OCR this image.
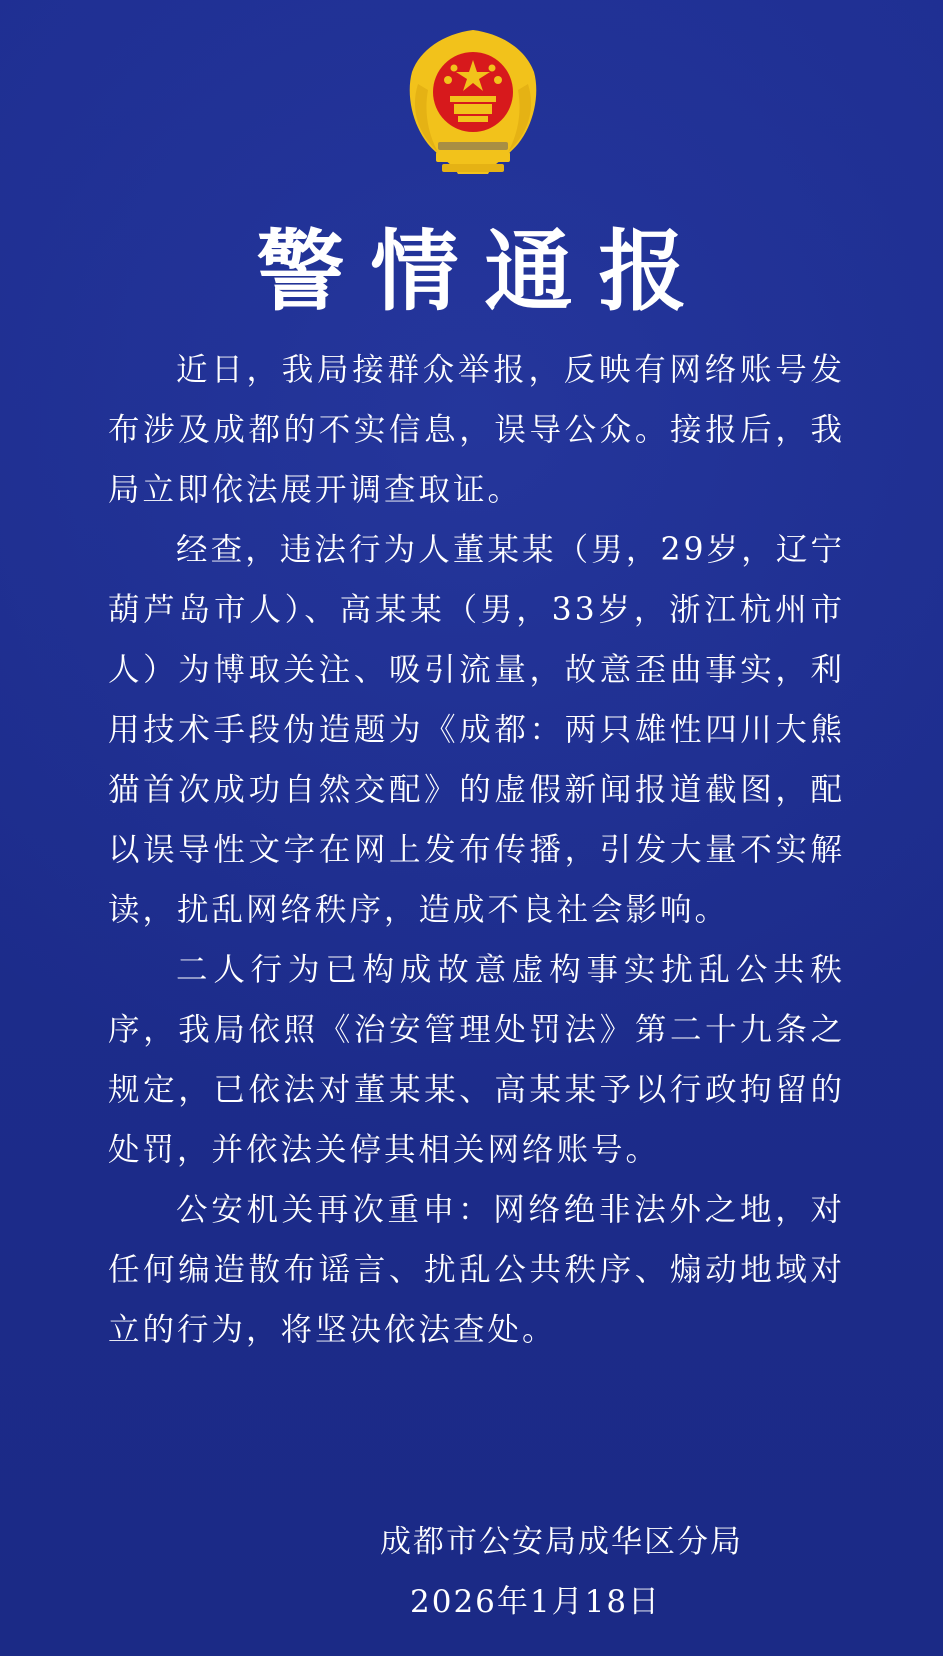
警情通报

近日，我局接群众举报，反映有网络账号发布涉及成都的不实信息，误导公众。接报后，我局立即依法展开调查取证。

经查，违法行为人董某某（男，29岁，辽宁葫芦岛市人）、高某某（男，33岁，浙江杭州市人）为博取关注、吸引流量，故意歪曲事实，利用技术手段伪造题为《成都：两只雄性四川大熊猫首次成功自然交配》的虚假新闻报道截图，配以误导性文字在网上发布传播，引发大量不实解读，扰乱网络秩序，造成不良社会影响。

二人行为已构成故意虚构事实扰乱公共秩序，我局依照《治安管理处罚法》第二十九条之规定，已依法对董某某、高某某予以行政拘留的处罚，并依法关停其相关网络账号。

公安机关再次重申：网络绝非法外之地，对任何编造散布谣言、扰乱公共秩序、煽动地域对立的行为，将坚决依法查处。

成都市公安局成华区分局
2026年1月18日
